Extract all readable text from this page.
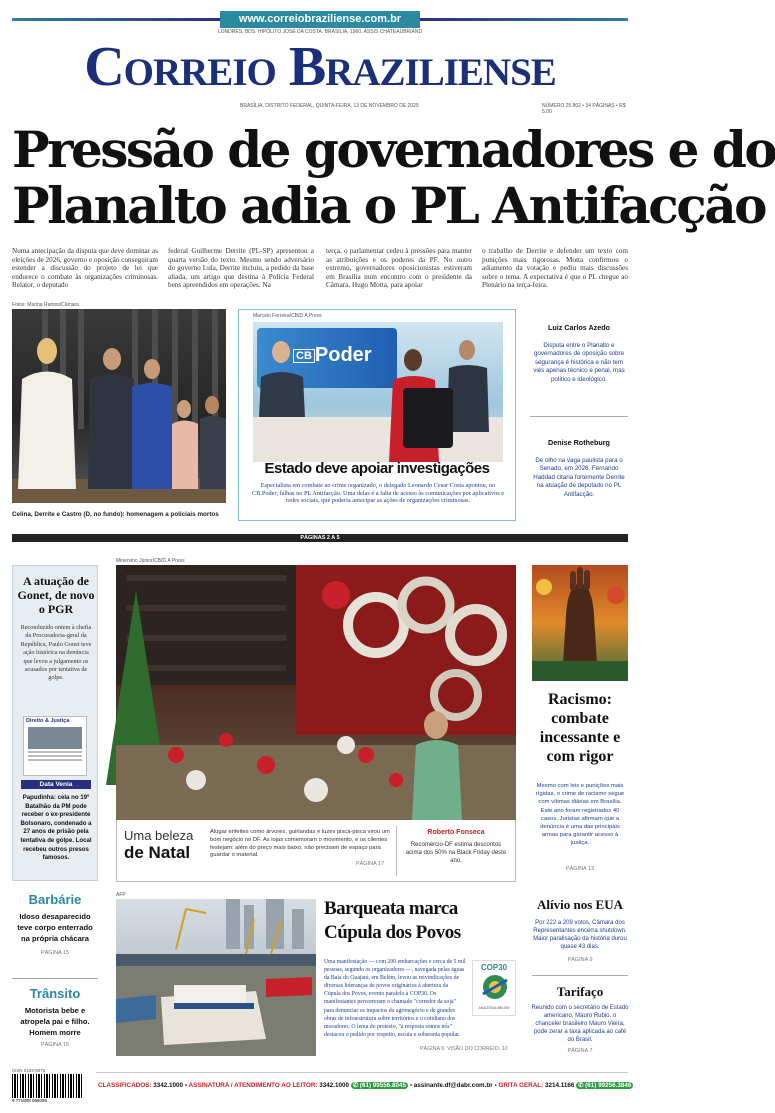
www.correiobraziliense.com.br
LONDRES, BDS. HIPÓLITO JOSÉ DA COSTA. BRASÍLIA, 1960. ASSIS CHATEAUBRIAND
Correio Braziliense
BRASÍLIA, DISTRITO FEDERAL, QUINTA-FEIRA, 13 DE NOVEMBRO DE 2025	NÚMERO 25.802 • 34 PÁGINAS • R$ 5,00
Pressão de governadores e do
Planalto adia o PL Antifacção
Numa antecipação da disputa que deve dominar as eleições de 2026, governo e oposição conseguiram estender a discussão do projeto de lei que endurece o combate às organizações criminosas. Relator, o deputado
federal Guilherme Derrite (PL-SP) apresentou a quarta versão do texto. Mesmo sendo adversário do governo Lula, Derrite incluiu, a pedido da base aliada, um artigo que destina à Polícia Federal bens apreendidos em operações. Na
terça, o parlamentar cedeu à pressões para manter as atribuições e os poderes da PF. No outro extremo, governadores oposicionistas estiveram em Brasília num encontro com o presidente da Câmara, Hugo Motta, para apoiar
o trabalho de Derrite e defender um texto com punições mais rigorosas. Motta confirmou o adiamento da votação e pediu mais discussões sobre o tema. A expectativa é que o PL chegue ao Plenário na terça-feira.
Fotos: Marina Ramos/Câmara
Celina, Derrite e Castro (D, no fundo): homenagem a policiais mortos
Marcelo Ferreira/CB/D.A Press
CB Poder
Estado deve apoiar investigações
Especialista em combate ao crime organizado, o delegado Leonardo Cesar Costa apontou, no CB.Poder, falhas no PL Antifacção. Uma delas é a falta de acesso às comunicações por aplicativos e redes sociais, que poderia antecipar as ações de organizações criminosas.
Luiz Carlos Azedo
Disputa entre o Planalto e governadores de oposição sobre segurança é histórica e não tem viés apenas técnico e penal, mas político e ideológico.
Denise Rotheburg
De olho na vaga paulista para o Senado, em 2026, Fernando Haddad citaria fortemente Derrite na atuação de deputado no PL Antifacção.
PÁGINAS 2 A 5
A atuação de Gonet, de novo o PGR
Reconduzido ontem à chefia da Procuradoria-geral da República, Paulo Gonet teve ação histórica na denúncia que levou a julgamento os acusados por tentativa de golpe.
Direito & Justiça
Data Venia
Papudinha: cela no 19º Batalhão da PM pode receber o ex-presidente Bolsonaro, condenado a 27 anos de prisão pela tentativa de golpe. Local recebeu outros presos famosos.
Minervino Júnior/CB/D.A Press
Uma beleza
de Natal
Alugar enfeites como árvores, guirlandas e luzes pisca-pisca virou um bom negócio no DF. As lojas comemoram o movimento, e os clientes festejam: além do preço mais baixo, não precisam de espaço para guardar o material.
PÁGINA 17
Roberto Fonseca
Recomércio-DF estima descontos acima dos 50% na Black Friday deste ano.
Racismo: combate incessante e com rigor
Mesmo com leis e punições mais rígidas, o crime de racismo segue com vítimas diárias em Brasília. Este ano foram registrados 40 casos. Juristas afirmam que a denúncia é uma das principais armas para garantir acesso à justiça.
PÁGINA 13
Barbárie
Idoso desaparecido teve corpo enterrado na própria chácara
PÁGINA 15
Trânsito
Motorista bebe e atropela pai e filho. Homem morre
PÁGINA 15
AFP
Barqueata marca
Cúpula dos Povos
Uma manifestação — com 200 embarcações e cerca de 5 mil pessoas, segundo os organizadores —, navegada pelas águas da Baía do Guajará, em Belém, levou as reivindicações de diversas lideranças de povos originários à abertura da Cúpula dos Povos, evento paralelo à COP30. Os manifestantes percorreram o chamado "corredor da soja" para denunciar os impactos do agronegócio e de grandes obras de infraestrutura sobre territórios e o cotidiano dos moradores. O lema do protesto, "a resposta somos nós" destacou o pedido por respeito, escuta e soberania popular.
COP30
AMAZÔNIA BELÉM
PÁGINA 6. VISÃO DO CORREIO, 10
Alívio nos EUA
Por 222 a 209 votos, Câmara dos Representantes encerra shutdown. Maior paralisação da história durou quase 43 dias.
PÁGINA 9
Tarifaço
Reunido com o secretário de Estado americano, Mauro Rubio, o chanceler brasileiro Mauro Vieira, pode zerar a taxa aplicada ao café do Brasil.
PÁGINA 7
ISSN 0103-9075
9 771808 066056
CLASSIFICADOS: 3342.1000 • ASSINATURA / ATENDIMENTO AO LEITOR: 3342.1000 ✆ (61) 99556.8045 • assinante.df@dabr.com.br • GRITA GERAL: 3214.1166 ✆ (61) 99256.3846
